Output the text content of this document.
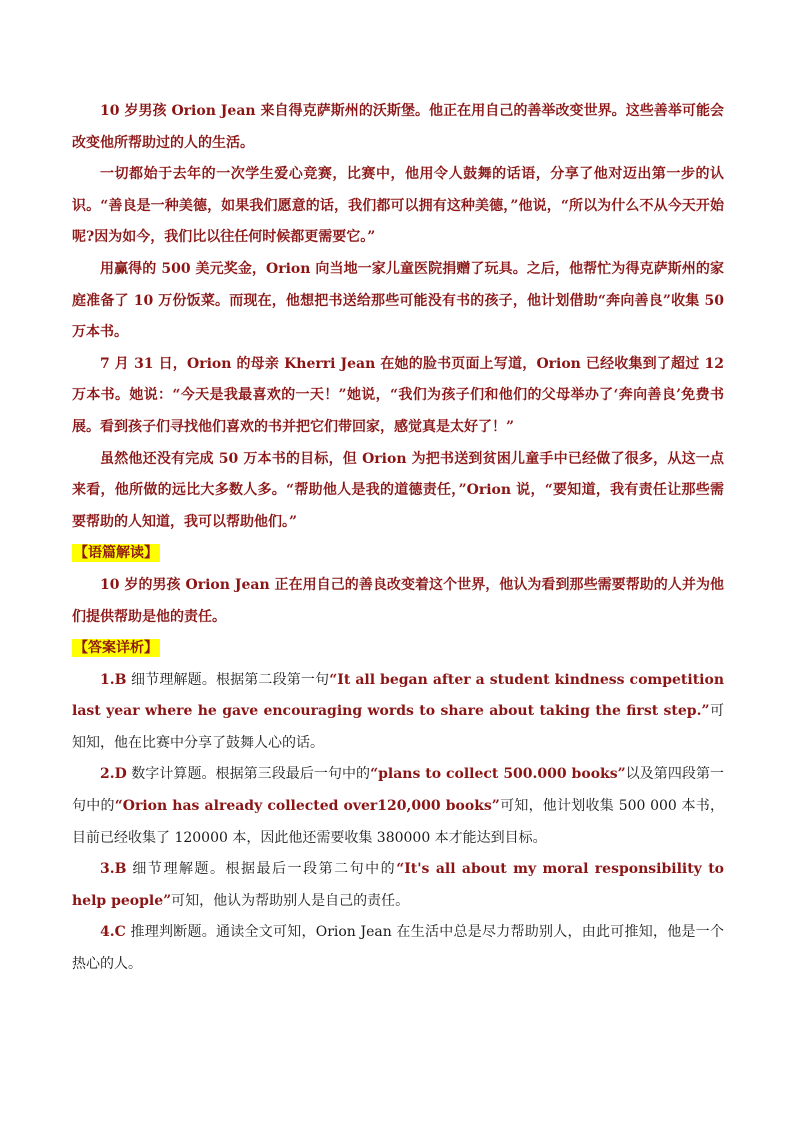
10 岁男孩 Orion Jean 来自得克萨斯州的沃斯堡。他正在用自己的善举改变世界。这些善举可能会改变他所帮助过的人的生活。

一切都始于去年的一次学生爱心竞赛，比赛中，他用令人鼓舞的话语，分享了他对迈出第一步的认识。“善良是一种美德，如果我们愿意的话，我们都可以拥有这种美德，”他说，“所以为什么不从今天开始呢?因为如今，我们比以往任何时候都更需要它。”

用赢得的 500 美元奖金，Orion 向当地一家儿童医院捐赠了玩具。之后，他帮忙为得克萨斯州的家庭准备了 10 万份饭菜。而现在，他想把书送给那些可能没有书的孩子，他计划借助“奔向善良”收集 50 万本书。

7 月 31 日，Orion 的母亲 Kherri Jean 在她的脸书页面上写道，Orion 已经收集到了超过 12 万本书。她说：“今天是我最喜欢的一天！”她说，“我们为孩子们和他们的父母举办了‘奔向善良’免费书展。看到孩子们寻找他们喜欢的书并把它们带回家，感觉真是太好了！”

虽然他还没有完成 50 万本书的目标，但 Orion 为把书送到贫困儿童手中已经做了很多，从这一点来看，他所做的远比大多数人多。“帮助他人是我的道德责任，”Orion 说，“要知道，我有责任让那些需要帮助的人知道，我可以帮助他们。”

【语篇解读】

10 岁的男孩 Orion Jean 正在用自己的善良改变着这个世界，他认为看到那些需要帮助的人并为他们提供帮助是他的责任。

【答案详析】

1.B 细节理解题。根据第二段第一句“It all began after a student kindness competition last year where he gave encouraging words to share about taking the first step.”可知知，他在比赛中分享了鼓舞人心的话。

2.D 数字计算题。根据第三段最后一句中的“plans to collect 500.000 books”以及第四段第一句中的“Orion has already collected over120,000 books”可知，他计划收集 500 000 本书，目前已经收集了 120000 本，因此他还需要收集 380000 本才能达到目标。

3.B 细节理解题。根据最后一段第二句中的“It's all about my moral responsibility to help people”可知，他认为帮助别人是自己的责任。

4.C 推理判断题。通读全文可知，Orion Jean 在生活中总是尽力帮助别人，由此可推知，他是一个热心的人。
